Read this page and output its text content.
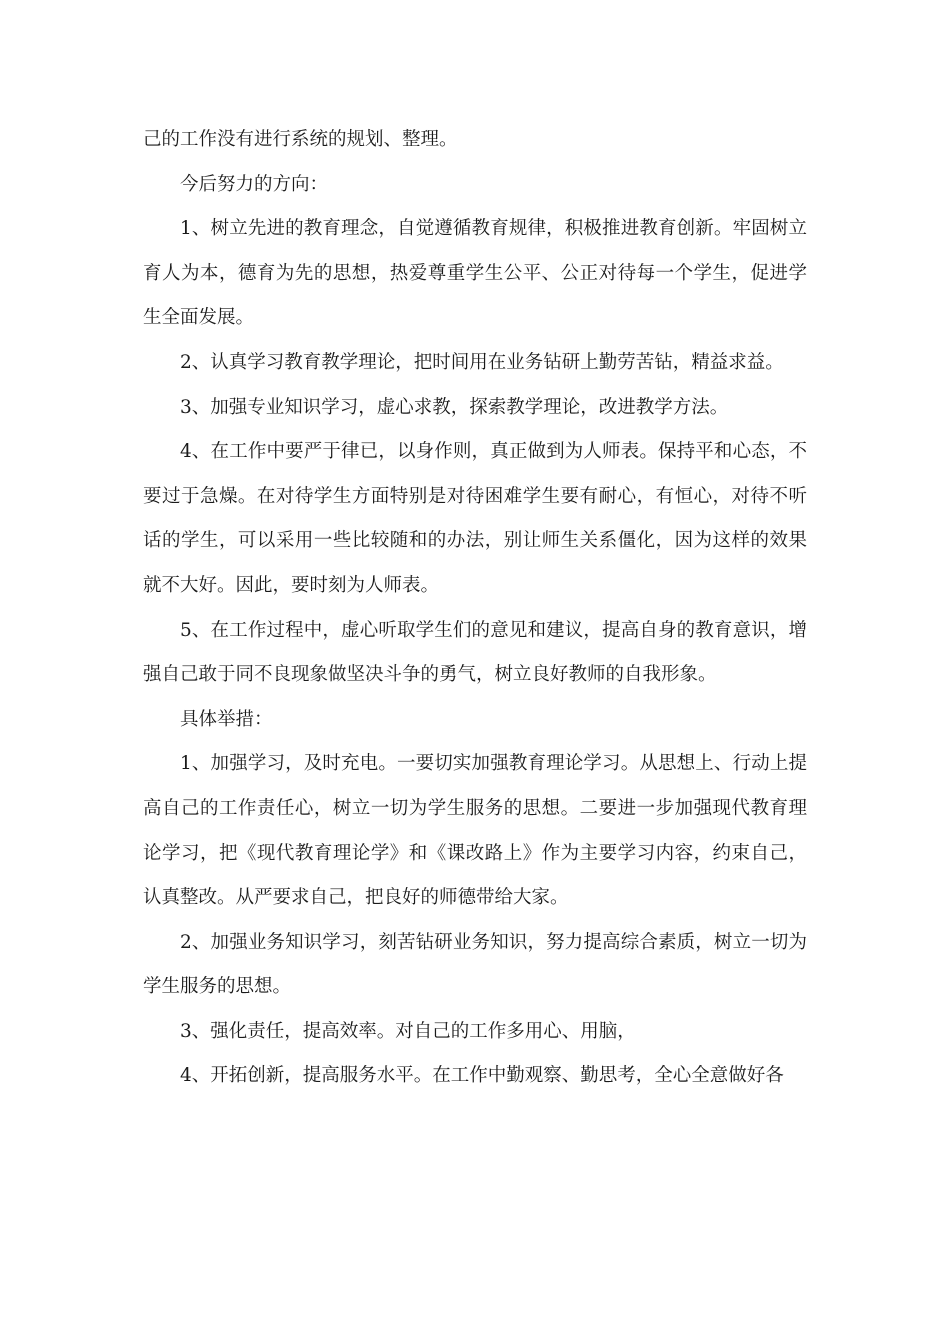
己的工作没有进行系统的规划、整理。

今后努力的方向：

1、树立先进的教育理念，自觉遵循教育规律，积极推进教育创新。牢固树立育人为本，德育为先的思想，热爱尊重学生公平、公正对待每一个学生，促进学生全面发展。

2、认真学习教育教学理论，把时间用在业务钻研上勤劳苦钻，精益求益。

3、加强专业知识学习，虚心求教，探索教学理论，改进教学方法。

4、在工作中要严于律已，以身作则，真正做到为人师表。保持平和心态，不要过于急燥。在对待学生方面特别是对待困难学生要有耐心，有恒心，对待不听话的学生，可以采用一些比较随和的办法，别让师生关系僵化，因为这样的效果就不大好。因此，要时刻为人师表。

5、在工作过程中，虚心听取学生们的意见和建议，提高自身的教育意识，增强自己敢于同不良现象做坚决斗争的勇气，树立良好教师的自我形象。

具体举措：

1、加强学习，及时充电。一要切实加强教育理论学习。从思想上、行动上提高自己的工作责任心，树立一切为学生服务的思想。二要进一步加强现代教育理论学习，把《现代教育理论学》和《课改路上》作为主要学习内容，约束自己，认真整改。从严要求自己，把良好的师德带给大家。

2、加强业务知识学习，刻苦钻研业务知识，努力提高综合素质，树立一切为学生服务的思想。

3、强化责任，提高效率。对自己的工作多用心、用脑，

4、开拓创新，提高服务水平。在工作中勤观察、勤思考，全心全意做好各
